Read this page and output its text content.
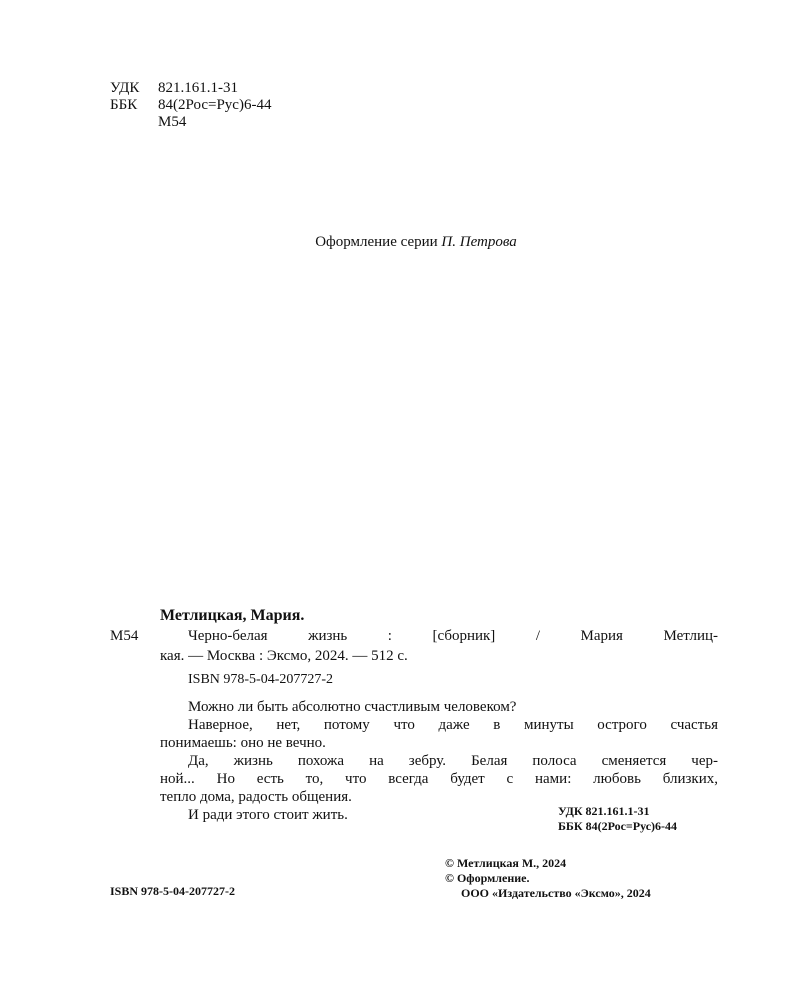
УДК	821.161.1-31
ББК	84(2Рос=Рус)6-44
М54
Оформление серии П. Петрова
Метлицкая, Мария.
М54	Черно-белая жизнь : [сборник] / Мария Метлиц-
кая. — Москва : Эксмо, 2024. — 512 с.
ISBN 978-5-04-207727-2
Можно ли быть абсолютно счастливым человеком?
Наверное, нет, потому что даже в минуты острого счастья
понимаешь: оно не вечно.
Да, жизнь похожа на зебру. Белая полоса сменяется чер-
ной... Но есть то, что всегда будет с нами: любовь близких,
тепло дома, радость общения.
И ради этого стоит жить.	УДК 821.161.1-31
ББК 84(2Рос=Рус)6-44
© Метлицкая М., 2024
© Оформление.
ООО «Издательство «Эксмо», 2024
ISBN 978-5-04-207727-2
